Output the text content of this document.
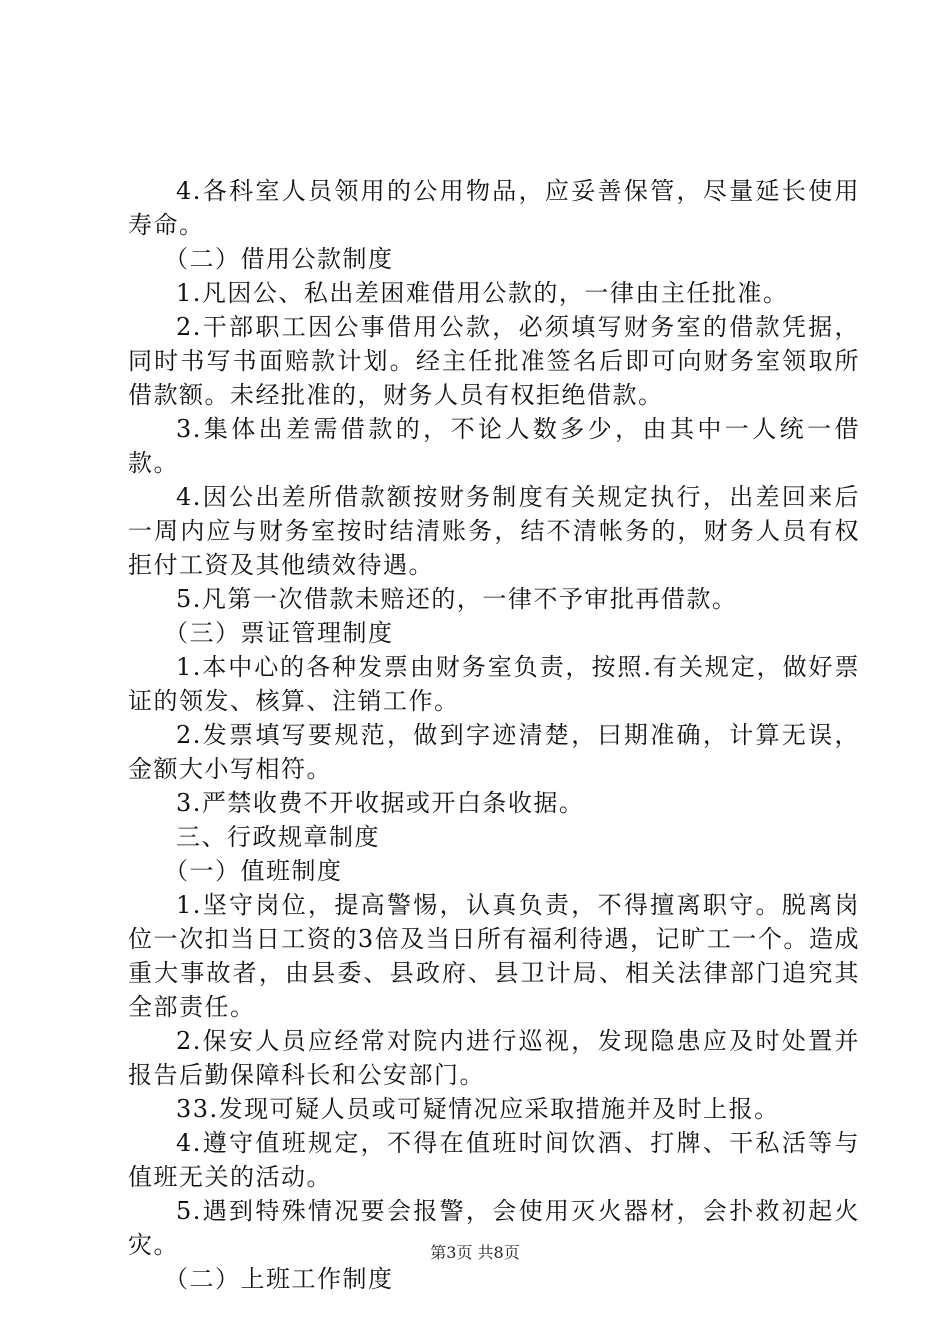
4.各科室人员领用的公用物品，应妥善保管，尽量延长使用寿命。

（二）借用公款制度

1.凡因公、私出差困难借用公款的，一律由主任批准。

2.干部职工因公事借用公款，必须填写财务室的借款凭据，同时书写书面赔款计划。经主任批准签名后即可向财务室领取所借款额。未经批准的，财务人员有权拒绝借款。

3.集体出差需借款的，不论人数多少，由其中一人统一借款。

4.因公出差所借款额按财务制度有关规定执行，出差回来后一周内应与财务室按时结清账务，结不清帐务的，财务人员有权拒付工资及其他绩效待遇。

5.凡第一次借款未赔还的，一律不予审批再借款。

（三）票证管理制度

1.本中心的各种发票由财务室负责，按照.有关规定，做好票证的领发、核算、注销工作。

2.发票填写要规范，做到字迹清楚，曰期准确，计算无误，金额大小写相符。

3.严禁收费不开收据或开白条收据。

三、行政规章制度

（一）值班制度

1.坚守岗位，提高警惕，认真负责，不得擅离职守。脱离岗位一次扣当日工资的3倍及当日所有福利待遇，记旷工一个。造成重大事故者，由县委、县政府、县卫计局、相关法律部门追究其全部责任。

2.保安人员应经常对院内进行巡视，发现隐患应及时处置并报告后勤保障科长和公安部门。

33.发现可疑人员或可疑情况应采取措施并及时上报。

4.遵守值班规定，不得在值班时间饮酒、打牌、干私活等与值班无关的活动。

5.遇到特殊情况要会报警，会使用灭火器材，会扑救初起火灾。

（二）上班工作制度

第3页 共8页
